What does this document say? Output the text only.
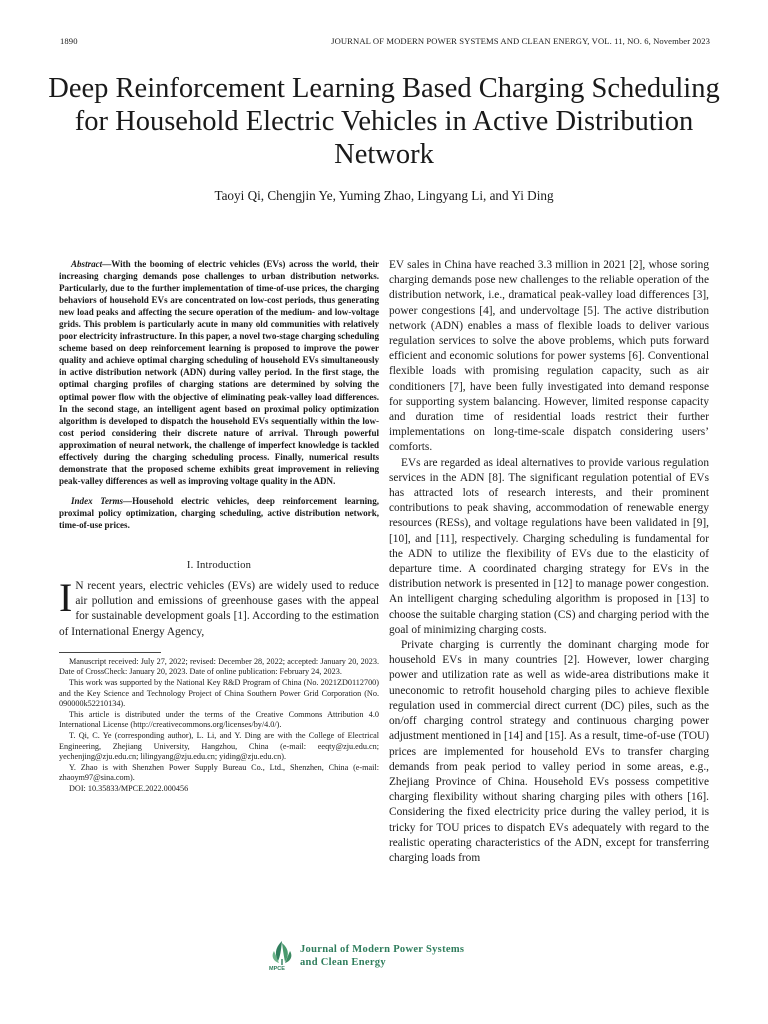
1890	JOURNAL OF MODERN POWER SYSTEMS AND CLEAN ENERGY, VOL. 11, NO. 6, November 2023
Deep Reinforcement Learning Based Charging Scheduling for Household Electric Vehicles in Active Distribution Network
Taoyi Qi, Chengjin Ye, Yuming Zhao, Lingyang Li, and Yi Ding

Abstract—With the booming of electric vehicles (EVs) across the world, their increasing charging demands pose challenges to urban distribution networks. Particularly, due to the further implementation of time-of-use prices, the charging behaviors of household EVs are concentrated on low-cost periods, thus generating new load peaks and affecting the secure operation of the medium- and low-voltage grids. This problem is particularly acute in many old communities with relatively poor electricity infrastructure. In this paper, a novel two-stage charging scheduling scheme based on deep reinforcement learning is proposed to improve the power quality and achieve optimal charging scheduling of household EVs simultaneously in active distribution network (ADN) during valley period. In the first stage, the optimal charging profiles of charging stations are determined by solving the optimal power flow with the objective of eliminating peak-valley load differences. In the second stage, an intelligent agent based on proximal policy optimization algorithm is developed to dispatch the household EVs sequentially within the low-cost period considering their discrete nature of arrival. Through powerful approximation of neural network, the challenge of imperfect knowledge is tackled effectively during the charging scheduling process. Finally, numerical results demonstrate that the proposed scheme exhibits great improvement in relieving peak-valley differences as well as improving voltage quality in the ADN.

Index Terms—Household electric vehicles, deep reinforcement learning, proximal policy optimization, charging scheduling, active distribution network, time-of-use prices.

I. Introduction

I N recent years, electric vehicles (EVs) are widely used to reduce air pollution and emissions of greenhouse gases with the appeal for sustainable development goals [1]. According to the estimation of International Energy Agency,

Manuscript received: July 27, 2022; revised: December 28, 2022; accepted: January 20, 2023. Date of CrossCheck: January 20, 2023. Date of online publication: February 24, 2023.

This work was supported by the National Key R&D Program of China (No. 2021ZD0112700) and the Key Science and Technology Project of China Southern Power Grid Corporation (No. 090000k52210134).

This article is distributed under the terms of the Creative Commons Attribution 4.0 International License (http://creativecommons.org/licenses/by/4.0/).

T. Qi, C. Ye (corresponding author), L. Li, and Y. Ding are with the College of Electrical Engineering, Zhejiang University, Hangzhou, China (e-mail: eeqty@zju.edu.cn; yechenjing@zju.edu.cn; lilingyang@zju.edu.cn; yiding@zju.edu.cn).

Y. Zhao is with Shenzhen Power Supply Bureau Co., Ltd., Shenzhen, China (e-mail: zhaoym97@sina.com).

DOI: 10.35833/MPCE.2022.000456

EV sales in China have reached 3.3 million in 2021 [2], whose soring charging demands pose new challenges to the reliable operation of the distribution network, i.e., dramatical peak-valley load differences [3], power congestions [4], and undervoltage [5]. The active distribution network (ADN) enables a mass of flexible loads to deliver various regulation services to solve the above problems, which puts forward efficient and economic solutions for power systems [6]. Conventional flexible loads with promising regulation capacity, such as air conditioners [7], have been fully investigated into demand response for supporting system balancing. However, limited response capacity and duration time of residential loads restrict their further implementations on long-time-scale dispatch considering users’ comforts.

EVs are regarded as ideal alternatives to provide various regulation services in the ADN [8]. The significant regulation potential of EVs has attracted lots of research interests, and their prominent contributions to peak shaving, accommodation of renewable energy resources (RESs), and voltage regulations have been validated in [9], [10], and [11], respectively. Charging scheduling is fundamental for the ADN to utilize the flexibility of EVs due to the elasticity of departure time. A coordinated charging strategy for EVs in the distribution network is presented in [12] to manage power congestion. An intelligent charging scheduling algorithm is proposed in [13] to choose the suitable charging station (CS) and charging period with the goal of minimizing charging costs.

Private charging is currently the dominant charging mode for household EVs in many countries [2]. However, lower charging power and utilization rate as well as wide-area distributions make it uneconomic to retrofit household charging piles to achieve flexible regulation used in commercial direct current (DC) piles, such as the on/off charging control strategy and continuous charging power adjustment mentioned in [14] and [15]. As a result, time-of-use (TOU) prices are implemented for household EVs to transfer charging demands from peak period to valley period in some areas, e.g., Zhejiang Province of China. Household EVs possess competitive charging flexibility without sharing charging piles with others [16]. Considering the fixed electricity price during the valley period, it is tricky for TOU prices to dispatch EVs adequately with regard to the realistic operating characteristics of the ADN, except for transferring charging loads from

MPCE
Journal of Modern Power Systems
and Clean Energy
